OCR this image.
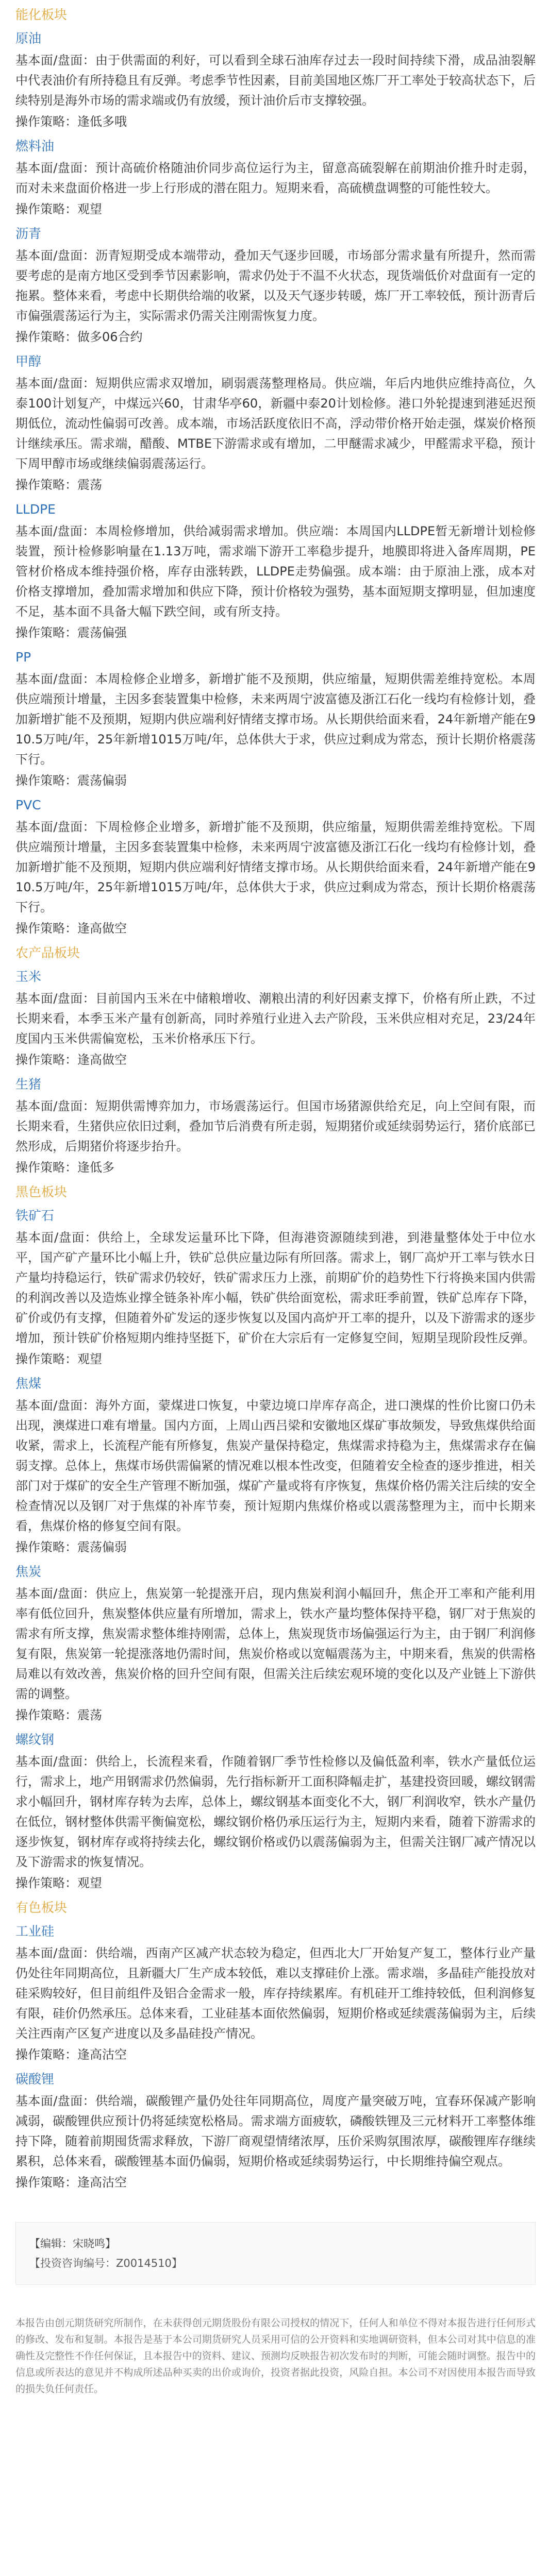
能化板块
原油

基本面/盘面：由于供需面的利好，可以看到全球石油库存过去一段时间持续下滑，成品油裂解中代表油价有所持稳且有反弹。考虑季节性因素，目前美国地区炼厂开工率处于较高状态下，后续特别是海外市场的需求端或仍有放缓，预计油价后市支撑较强。

操作策略：逢低多哦

燃料油

基本面/盘面：预计高硫价格随油价同步高位运行为主，留意高硫裂解在前期油价推升时走弱，而对未来盘面价格进一步上行形成的潜在阻力。短期来看，高硫横盘调整的可能性较大。

操作策略：观望

沥青

基本面/盘面：沥青短期受成本端带动，叠加天气逐步回暖，市场部分需求量有所提升，然而需要考虑的是南方地区受到季节因素影响，需求仍处于不温不火状态，现货端低价对盘面有一定的拖累。整体来看，考虑中长期供给端的收紧，以及天气逐步转暖，炼厂开工率较低，预计沥青后市偏强震荡运行为主，实际需求仍需关注刚需恢复力度。

操作策略：做多06合约

甲醇

基本面/盘面：短期供应需求双增加，刷弱震荡整理格局。供应端，年后内地供应维持高位，久泰100计划复产，中煤远兴60，甘肃华亭60，新疆中泰20计划检修。港口外轮提速到港延迟预期低位，流动性偏弱可改善。成本端，市场活跃度依旧不高，浮动带价格开始走强，煤炭价格预计继续承压。需求端，醋酸、MTBE下游需求或有增加，二甲醚需求减少，甲醛需求平稳，预计下周甲醇市场或继续偏弱震荡运行。

操作策略：震荡

LLDPE

基本面/盘面：本周检修增加，供给减弱需求增加。供应端：本周国内LLDPE暂无新增计划检修装置，预计检修影响量在1.13万吨，需求端下游开工率稳步提升，地膜即将进入备库周期，PE管材价格成本维持强价格，库存由涨转跌，LLDPE走势偏强。成本端：由于原油上涨，成本对价格支撑增加，叠加需求增加和供应下降，预计价格较为强势，基本面短期支撑明显，但加速度不足，基本面不具备大幅下跌空间，或有所支持。

操作策略：震荡偏强

PP

基本面/盘面：本周检修企业增多，新增扩能不及预期，供应缩量，短期供需差维持宽松。本周供应端预计增量，主因多套装置集中检修，未来两周宁波富德及浙江石化一线均有检修计划，叠加新增扩能不及预期，短期内供应端利好情绪支撑市场。从长期供给面来看，24年新增产能在910.5万吨/年，25年新增1015万吨/年，总体供大于求，供应过剩成为常态，预计长期价格震荡下行。

操作策略：震荡偏弱

PVC

基本面/盘面：下周检修企业增多，新增扩能不及预期，供应缩量，短期供需差维持宽松。下周供应端预计增量，主因多套装置集中检修，未来两周宁波富德及浙江石化一线均有检修计划，叠加新增扩能不及预期，短期内供应端利好情绪支撑市场。从长期供给面来看，24年新增产能在910.5万吨/年，25年新增1015万吨/年，总体供大于求，供应过剩成为常态，预计长期价格震荡下行。

操作策略：逢高做空

农产品板块
玉米

基本面/盘面：目前国内玉米在中储粮增收、潮粮出清的利好因素支撑下，价格有所止跌，不过长期来看，本季玉米产量有创新高，同时养殖行业进入去产阶段，玉米供应相对充足，23/24年度国内玉米供需偏宽松，玉米价格承压下行。

操作策略：逢高做空

生猪

基本面/盘面：短期供需博弈加力，市场震荡运行。但国市场猪源供给充足，向上空间有限，而长期来看，生猪供应依旧过剩，叠加节后消费有所走弱，短期猪价或延续弱势运行，猪价底部已然形成，后期猪价将逐步抬升。

操作策略：逢低多

黑色板块
铁矿石

基本面/盘面：供给上，全球发运量环比下降，但海港资源随续到港，到港量整体处于中位水平，国产矿产量环比小幅上升，铁矿总供应量边际有所回落。需求上，钢厂高炉开工率与铁水日产量均持稳运行，铁矿需求仍较好，铁矿需求压力上涨，前期矿价的趋势性下行将换来国内供需的利润改善以及造炼业撑全链条补库小幅，铁矿供给面宽松，需求旺季前置，铁矿总库存下降，矿价或仍有支撑，但随着外矿发运的逐步恢复以及国内高炉开工率的提升，以及下游需求的逐步增加，预计铁矿价格短期内维持坚挺下，矿价在大宗后有一定修复空间，短期呈现阶段性反弹。

操作策略：观望

焦煤

基本面/盘面：海外方面，蒙煤进口恢复，中蒙边境口岸库存高企，进口澳煤的性价比窗口仍未出现，澳煤进口难有增量。国内方面，上周山西吕梁和安徽地区煤矿事故频发，导致焦煤供给面收紧，需求上，长流程产能有所修复，焦炭产量保持稳定，焦煤需求持稳为主，焦煤需求存在偏弱支撑。总体上，焦煤市场供需偏紧的情况难以根本性改变，但随着安全检查的逐步推进，相关部门对于煤矿的安全生产管理不断加强，煤矿产量或将有序恢复，焦煤价格仍需关注后续的安全检查情况以及钢厂对于焦煤的补库节奏，预计短期内焦煤价格或以震荡整理为主，而中长期来看，焦煤价格的修复空间有限。

操作策略：震荡偏弱

焦炭

基本面/盘面：供应上，焦炭第一轮提涨开启，现内焦炭利润小幅回升，焦企开工率和产能利用率有低位回升，焦炭整体供应量有所增加，需求上，铁水产量均整体保持平稳，钢厂对于焦炭的需求有所支撑，焦炭需求整体维持刚需，总体上，焦炭现货市场偏强运行为主，由于钢厂利润修复有限，焦炭第一轮提涨落地仍需时间，焦炭价格或以宽幅震荡为主，中期来看，焦炭的供需格局难以有效改善，焦炭价格的回升空间有限，但需关注后续宏观环境的变化以及产业链上下游供需的调整。

操作策略：震荡

螺纹钢

基本面/盘面：供给上，长流程来看，作随着钢厂季节性检修以及偏低盈利率，铁水产量低位运行，需求上，地产用钢需求仍然偏弱，先行指标新开工面积降幅走扩，基建投资回暖，螺纹钢需求小幅回升，钢材库存转为去库，总体上，螺纹钢基本面变化不大，钢厂利润收窄，铁水产量仍在低位，钢材整体供需平衡偏宽松，螺纹钢价格仍承压运行为主，短期内来看，随着下游需求的逐步恢复，钢材库存或将持续去化，螺纹钢价格或仍以震荡偏弱为主，但需关注钢厂减产情况以及下游需求的恢复情况。

操作策略：观望

有色板块
工业硅

基本面/盘面：供给端，西南产区减产状态较为稳定，但西北大厂开始复产复工，整体行业产量仍处往年同期高位，且新疆大厂生产成本较低，难以支撑硅价上涨。需求端，多晶硅产能投放对硅采购较好，但目前组件及铝合金需求一般，库存持续累库。有机硅开工维持较低，但利润修复有限，硅价仍然承压。总体来看，工业硅基本面依然偏弱，短期价格或延续震荡偏弱为主，后续关注西南产区复产进度以及多晶硅投产情况。

操作策略：逢高沽空

碳酸锂

基本面/盘面：供给端，碳酸锂产量仍处往年同期高位，周度产量突破万吨，宜春环保减产影响减弱，碳酸锂供应预计仍将延续宽松格局。需求端方面疲软，磷酸铁锂及三元材料开工率整体维持下降，随着前期囤货需求释放，下游厂商观望情绪浓厚，压价采购氛围浓厚，碳酸锂库存继续累积，总体来看，碳酸锂基本面仍偏弱，短期价格或延续弱势运行，中长期维持偏空观点。

操作策略：逢高沽空

【编辑：宋晓鸣】
【投资咨询编号：Z0014510】

本报告由创元期货研究所制作，在未获得创元期货股份有限公司授权的情况下，任何人和单位不得对本报告进行任何形式的修改、发布和复制。本报告是基于本公司期货研究人员采用可信的公开资料和实地调研资料，但本公司对其中信息的准确性及完整性不作任何保证，且本报告中的资料、建议、预测均反映报告初次发布时的判断，可能会随时调整。报告中的信息或所表达的意见并不构成所述品种买卖的出价或询价，投资者据此投资，风险自担。本公司不对因使用本报告而导致的损失负任何责任。
